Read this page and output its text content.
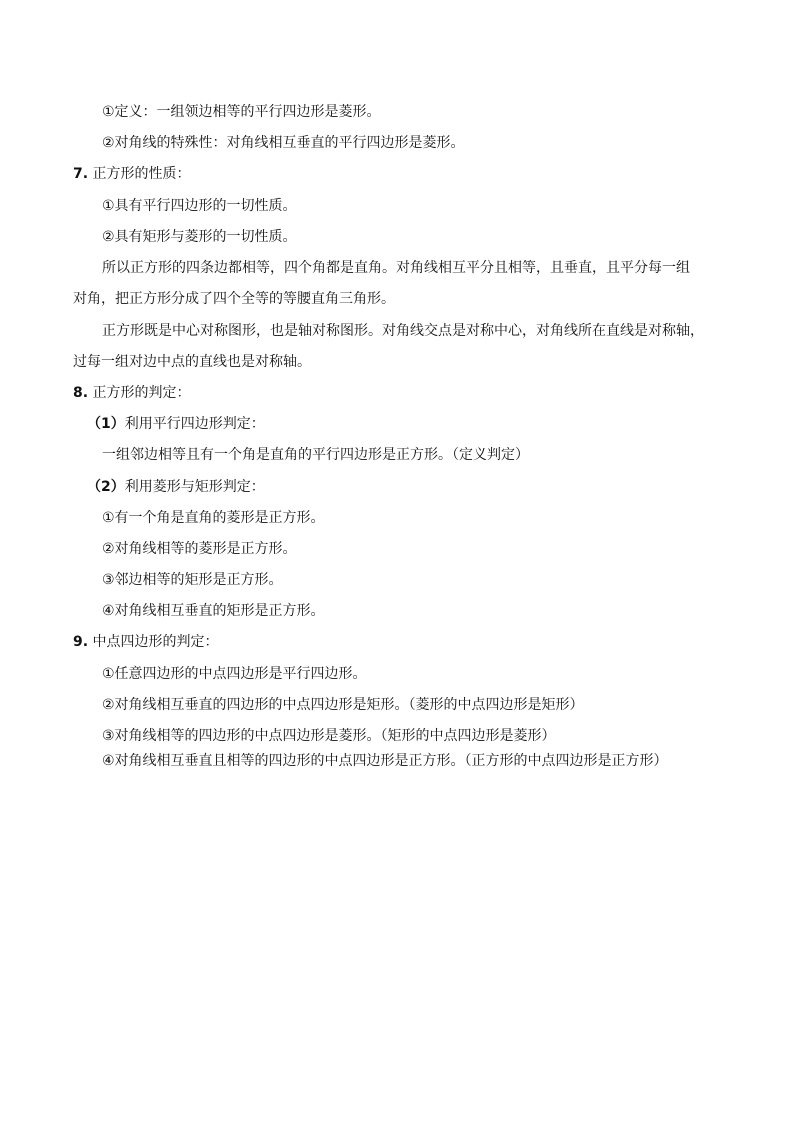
①定义：一组领边相等的平行四边形是菱形。
②对角线的特殊性：对角线相互垂直的平行四边形是菱形。
7. 正方形的性质：
①具有平行四边形的一切性质。
②具有矩形与菱形的一切性质。
所以正方形的四条边都相等，四个角都是直角。对角线相互平分且相等，且垂直，且平分每一组
对角，把正方形分成了四个全等的等腰直角三角形。
正方形既是中心对称图形，也是轴对称图形。对角线交点是对称中心，对角线所在直线是对称轴，
过每一组对边中点的直线也是对称轴。
8. 正方形的判定：
（1）利用平行四边形判定：
一组邻边相等且有一个角是直角的平行四边形是正方形。（定义判定）
（2）利用菱形与矩形判定：
①有一个角是直角的菱形是正方形。
②对角线相等的菱形是正方形。
③邻边相等的矩形是正方形。
④对角线相互垂直的矩形是正方形。
9. 中点四边形的判定：
①任意四边形的中点四边形是平行四边形。
②对角线相互垂直的四边形的中点四边形是矩形。（菱形的中点四边形是矩形）
③对角线相等的四边形的中点四边形是菱形。（矩形的中点四边形是菱形）
④对角线相互垂直且相等的四边形的中点四边形是正方形。（正方形的中点四边形是正方形）
